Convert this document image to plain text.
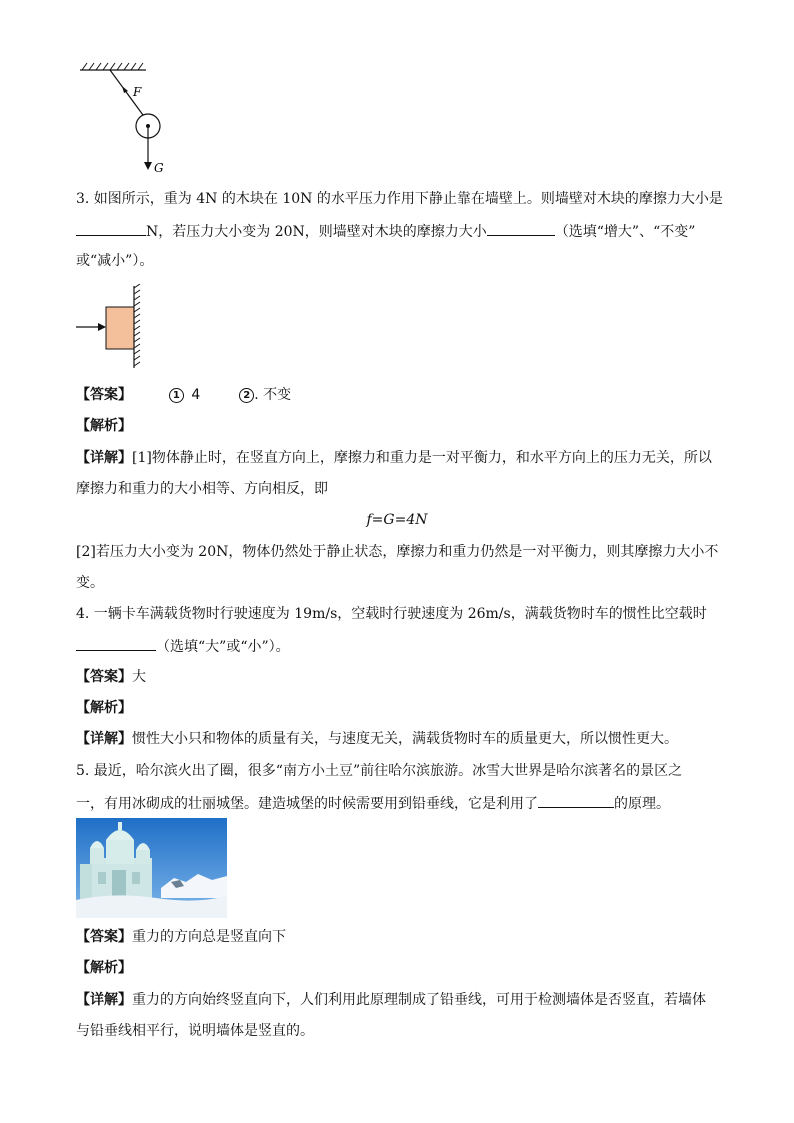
F
G
3. 如图所示，重为 4N 的木块在 10N 的水平压力作用下静止靠在墙壁上。则墙壁对木块的摩擦力大小是
N，若压力大小变为 20N，则墙壁对木块的摩擦力大小	（选填“增大”、“不变”
或“减小”）。
【答案】	1 4	2 . 不变
【解析】
【详解】[1]物体静止时，在竖直方向上，摩擦力和重力是一对平衡力，和水平方向上的压力无关，所以
摩擦力和重力的大小相等、方向相反，即
f=G=4N
[2]若压力大小变为 20N，物体仍然处于静止状态，摩擦力和重力仍然是一对平衡力，则其摩擦力大小不
变。
4. 一辆卡车满载货物时行驶速度为 19m/s，空载时行驶速度为 26m/s，满载货物时车的惯性比空载时
（选填“大”或“小”）。
【答案】大
【解析】
【详解】惯性大小只和物体的质量有关，与速度无关，满载货物时车的质量更大，所以惯性更大。
5. 最近，哈尔滨火出了圈，很多“南方小土豆”前往哈尔滨旅游。冰雪大世界是哈尔滨著名的景区之
一，有用冰砌成的壮丽城堡。建造城堡的时候需要用到铅垂线，它是利用了	的原理。
【答案】重力的方向总是竖直向下
【解析】
【详解】重力的方向始终竖直向下，人们利用此原理制成了铅垂线，可用于检测墙体是否竖直，若墙体
与铅垂线相平行，说明墙体是竖直的。
